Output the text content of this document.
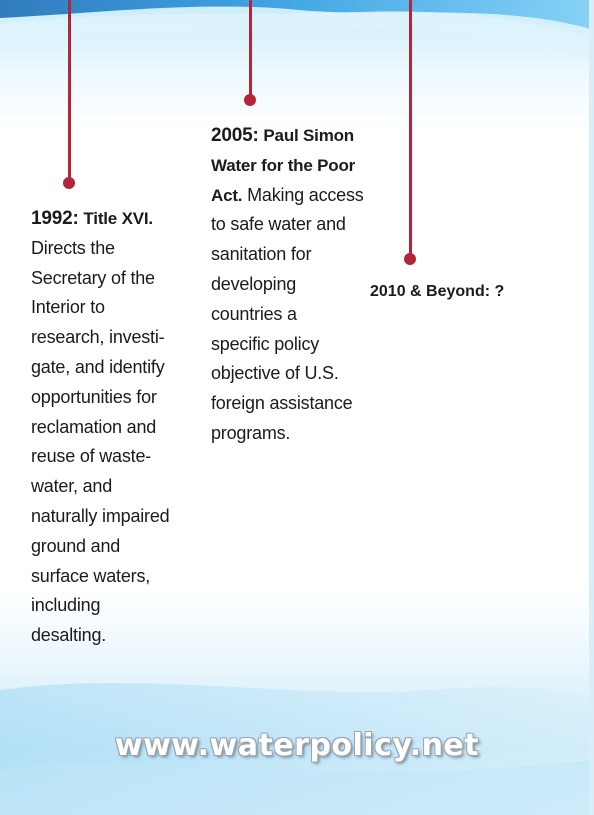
1992: Title XVI.
Directs the
Secretary of the
Interior to
research, investi-
gate, and identify
opportunities for
reclamation and
reuse of waste-
water, and
naturally impaired
ground and
surface waters,
including
desalting.
2005: Paul Simon
Water for the Poor
Act. Making access
to safe water and
sanitation for
developing
countries a
specific policy
objective of U.S.
foreign assistance
programs.
2010 & Beyond: ?
www.waterpolicy.net
